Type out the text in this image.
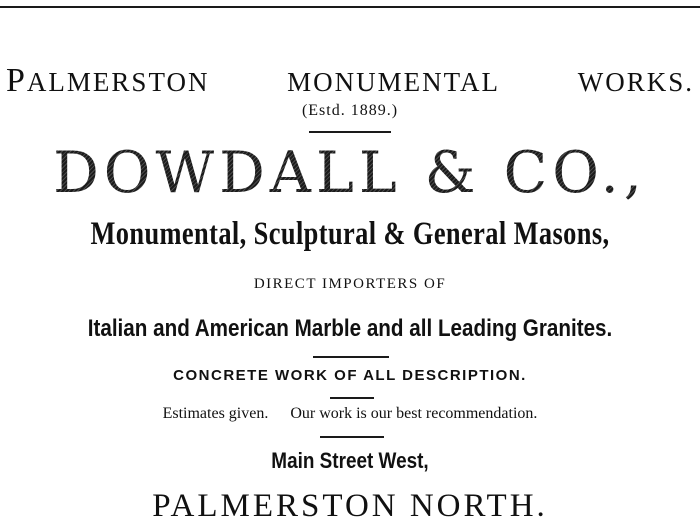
PALMERSTON	MONUMENTAL	WORKS.
(Estd. 1889.)
DOWDALL & CO.,
Monumental, Sculptural & General Masons,
DIRECT IMPORTERS OF
Italian and American Marble and all Leading Granites.
CONCRETE WORK OF ALL DESCRIPTION.
Estimates given. Our work is our best recommendation.
Main Street West,
PALMERSTON NORTH.
